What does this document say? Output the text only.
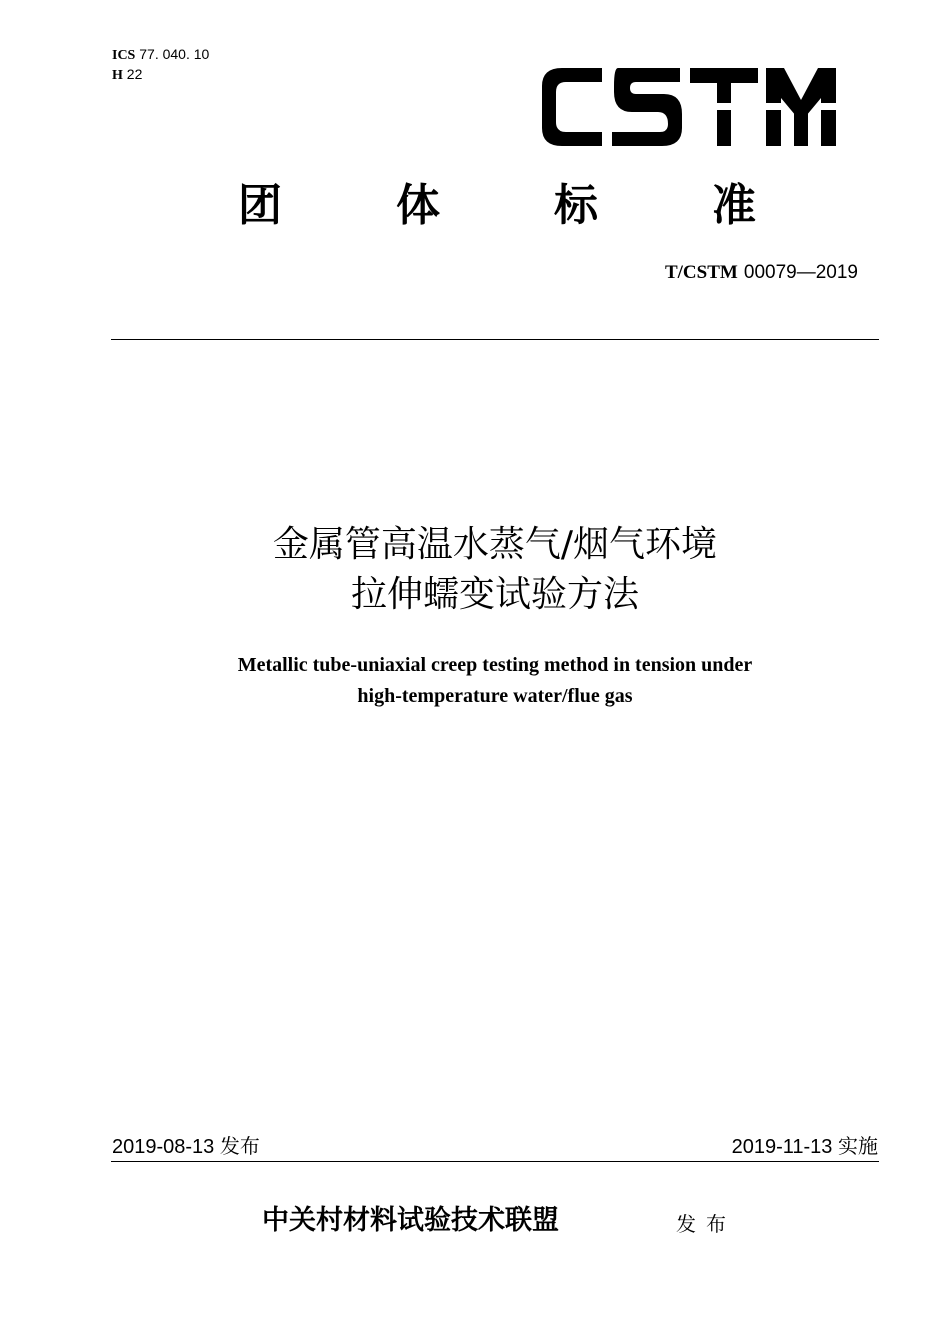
ICS 77. 040. 10
H 22
团	体	标	准
T/CSTM 00079—2019
金属管高温水蒸气/烟气环境
拉伸蠕变试验方法
Metallic tube-uniaxial creep testing method in tension under
high-temperature water/flue gas
2019-08-13 发布	2019-11-13 实施
中关村材料试验技术联盟	发布
